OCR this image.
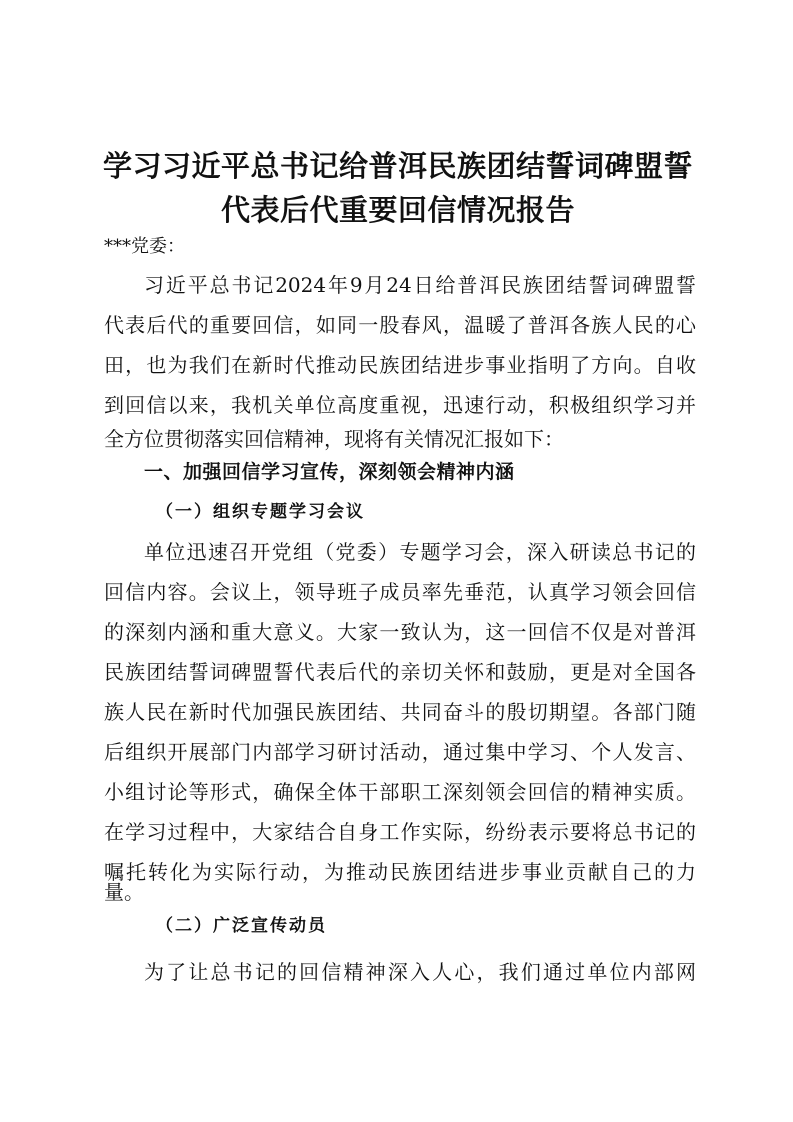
学习习近平总书记给普洱民族团结誓词碑盟誓
代表后代重要回信情况报告
***党委：
习近平总书记2024年9月24日给普洱民族团结誓词碑盟誓
代表后代的重要回信，如同一股春风，温暖了普洱各族人民的心
田，也为我们在新时代推动民族团结进步事业指明了方向。自收
到回信以来，我机关单位高度重视，迅速行动，积极组织学习并
全方位贯彻落实回信精神，现将有关情况汇报如下：
一、加强回信学习宣传，深刻领会精神内涵
（一）组织专题学习会议
单位迅速召开党组（党委）专题学习会，深入研读总书记的
回信内容。会议上，领导班子成员率先垂范，认真学习领会回信
的深刻内涵和重大意义。大家一致认为，这一回信不仅是对普洱
民族团结誓词碑盟誓代表后代的亲切关怀和鼓励，更是对全国各
族人民在新时代加强民族团结、共同奋斗的殷切期望。各部门随
后组织开展部门内部学习研讨活动，通过集中学习、个人发言、
小组讨论等形式，确保全体干部职工深刻领会回信的精神实质。
在学习过程中，大家结合自身工作实际，纷纷表示要将总书记的
嘱托转化为实际行动，为推动民族团结进步事业贡献自己的力
量。
（二）广泛宣传动员
为了让总书记的回信精神深入人心，我们通过单位内部网
